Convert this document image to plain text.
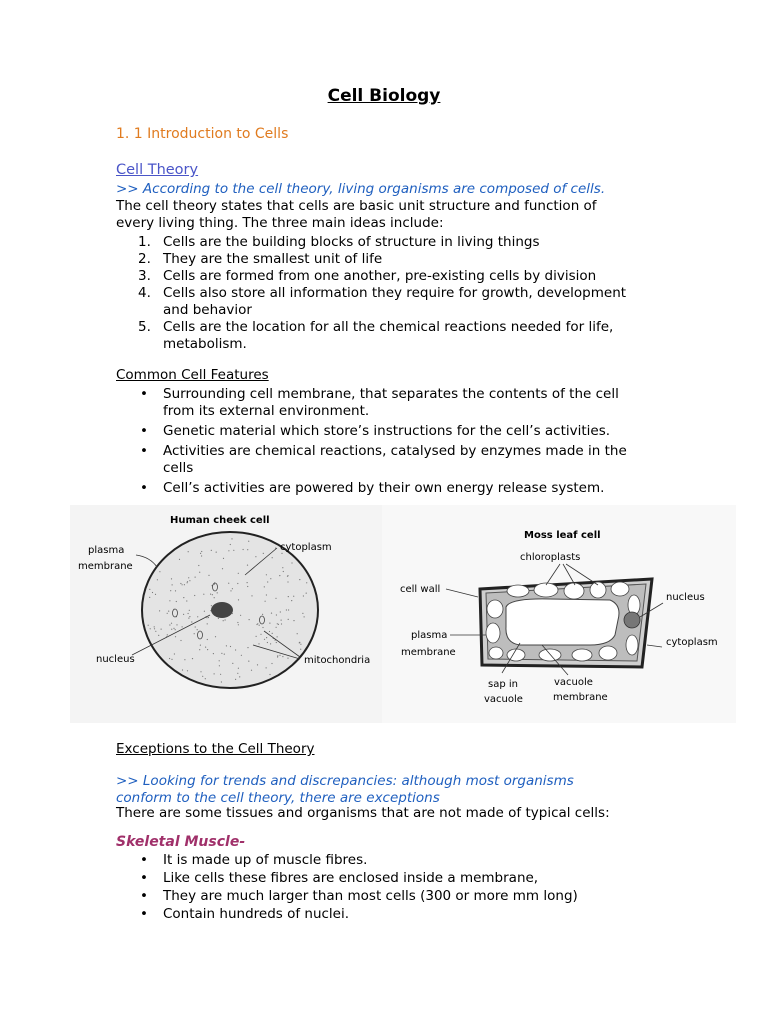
Cell Biology
1. 1 Introduction to Cells
Cell Theory
>> According to the cell theory, living organisms are composed of cells.
The cell theory states that cells are basic unit structure and function of
every living thing. The three main ideas include:
1. Cells are the building blocks of structure in living things
2. They are the smallest unit of life
3. Cells are formed from one another, pre-existing cells by division
4. Cells also store all information they require for growth, development
and behavior
5. Cells are the location for all the chemical reactions needed for life,
metabolism.
Common Cell Features
• Surrounding cell membrane, that separates the contents of the cell
from its external environment.
• Genetic material which store’s instructions for the cell’s activities.
• Activities are chemical reactions, catalysed by enzymes made in the
cells
• Cell’s activities are powered by their own energy release system.
Human cheek cell
plasma
membrane
cytoplasm
nucleus	mitochondria
Moss leaf cell
chloroplasts
cell wall
nucleus
plasma
membrane
cytoplasm
sap in
vacuole
vacuole
membrane
Exceptions to the Cell Theory
>> Looking for trends and discrepancies: although most organisms
conform to the cell theory, there are exceptions
There are some tissues and organisms that are not made of typical cells:
Skeletal Muscle-
• It is made up of muscle fibres.
• Like cells these fibres are enclosed inside a membrane,
• They are much larger than most cells (300 or more mm long)
• Contain hundreds of nuclei.
